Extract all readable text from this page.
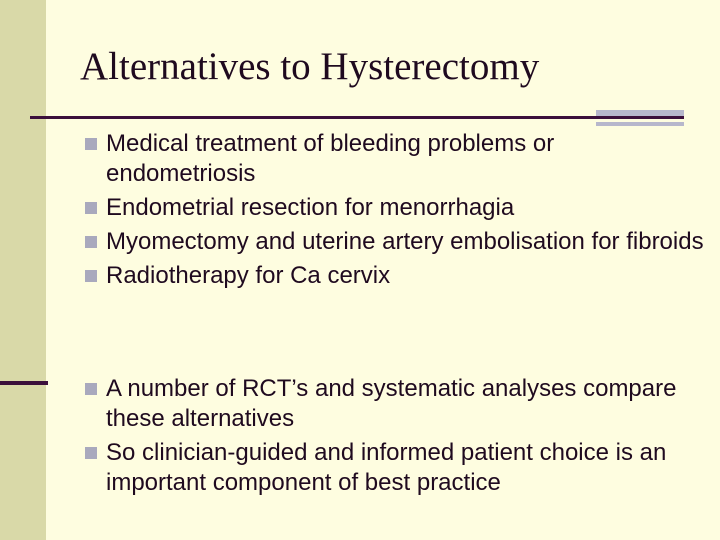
Alternatives to Hysterectomy
Medical treatment of bleeding problems or endometriosis
Endometrial resection for menorrhagia
Myomectomy and uterine artery embolisation for fibroids
Radiotherapy for Ca cervix
A number of RCT’s and systematic analyses compare these alternatives
So clinician-guided and informed patient choice is an important component of best practice
